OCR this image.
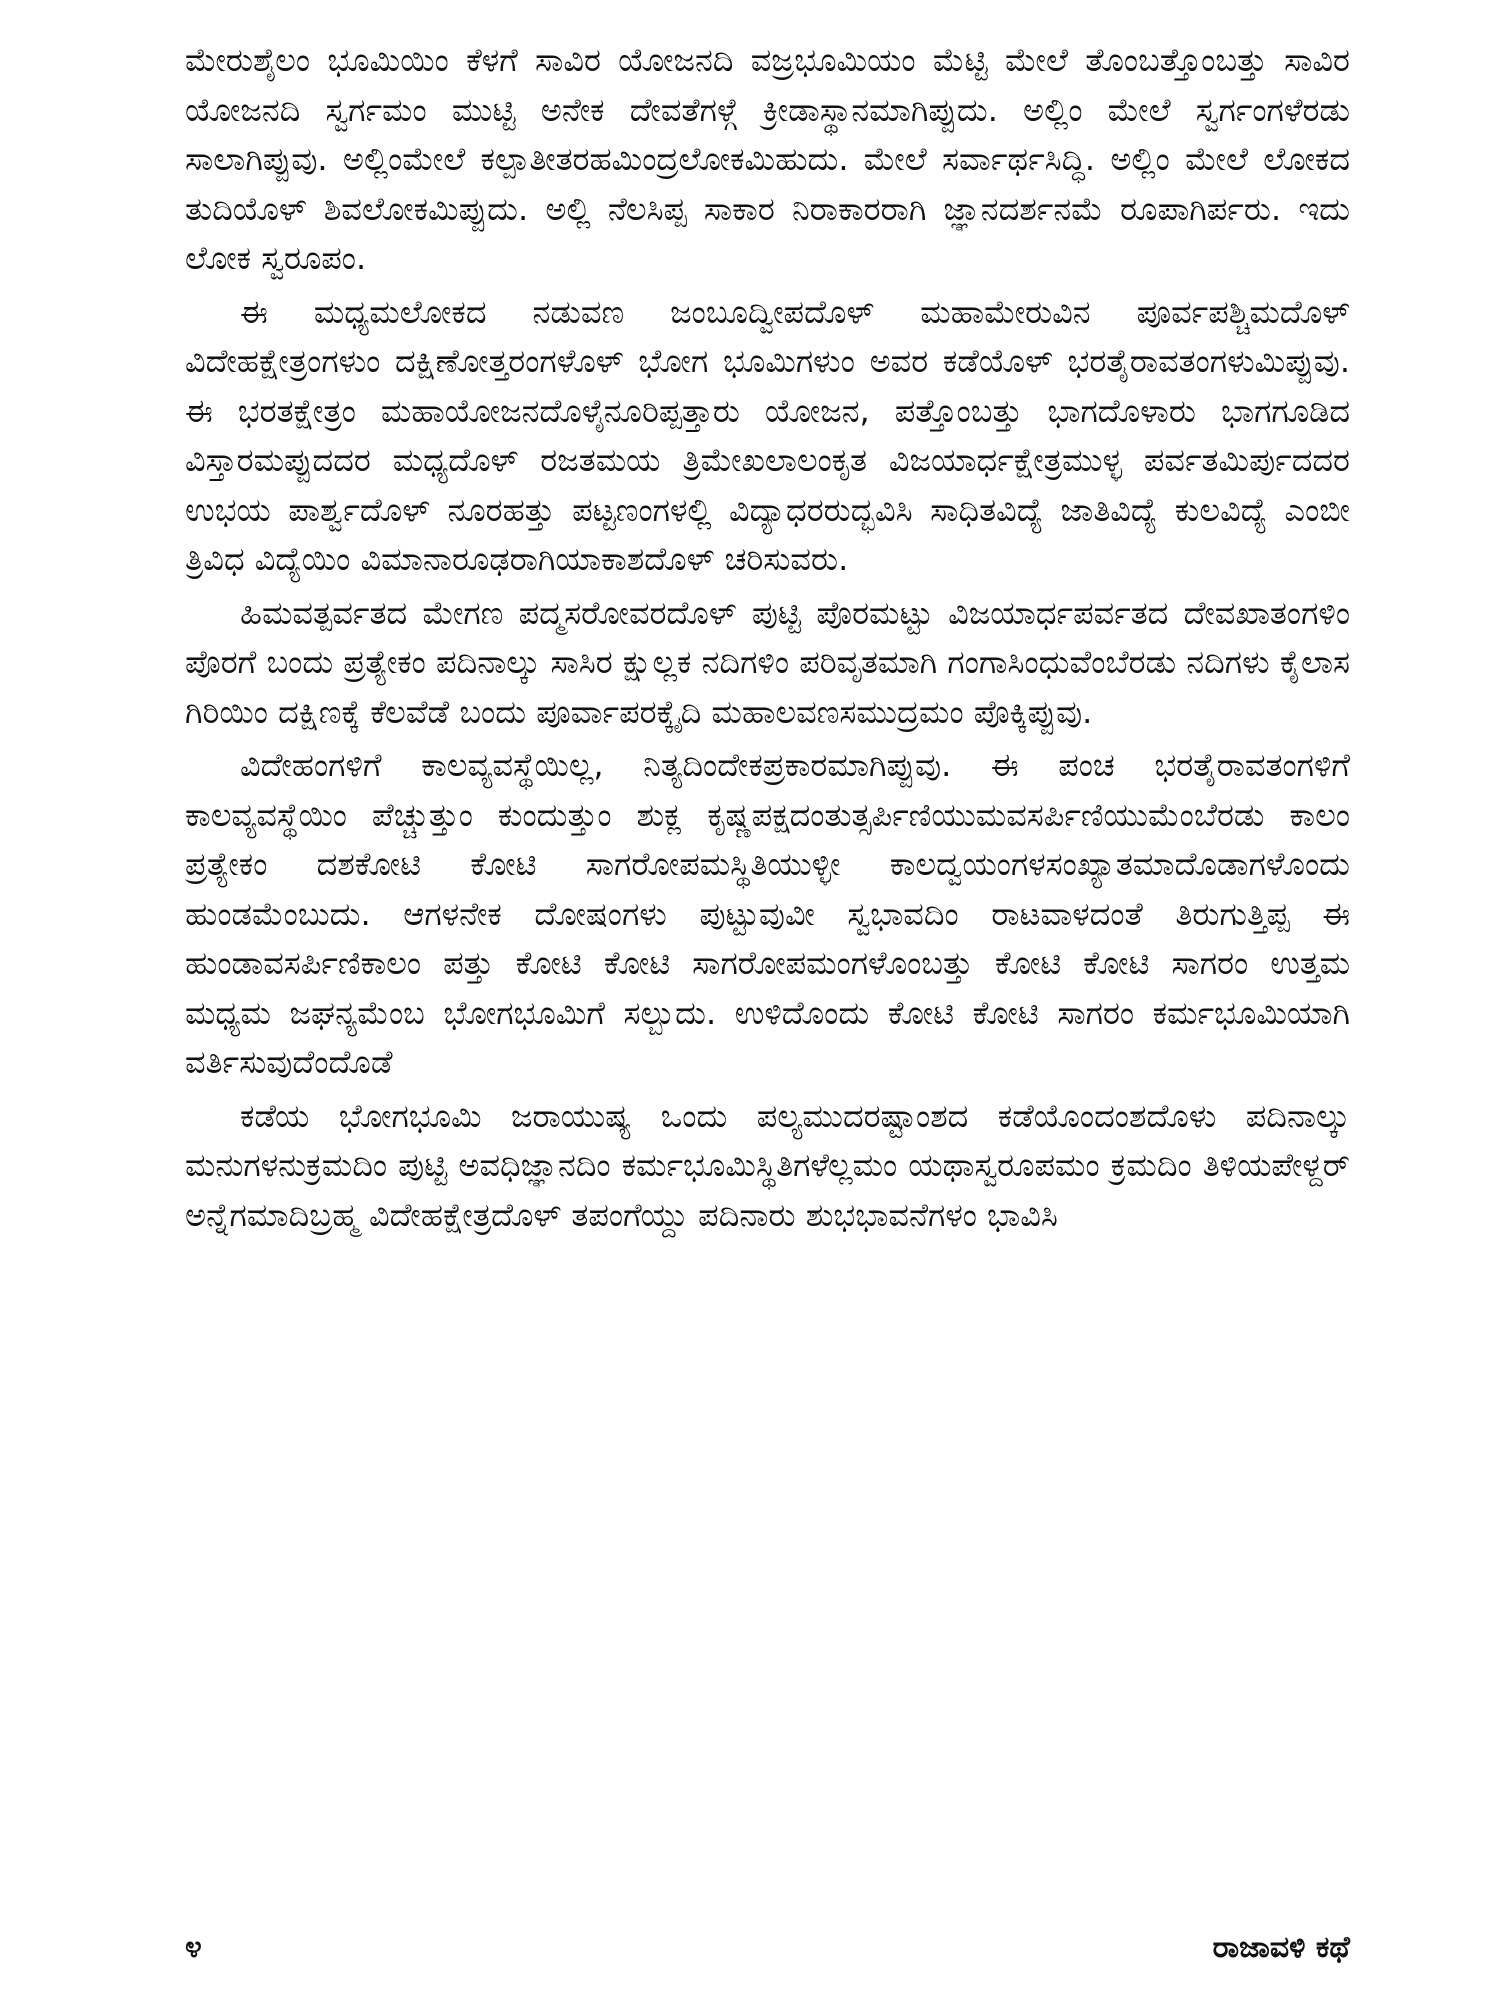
ಮೇರುಶೈಲಂ ಭೂಮಿಯಿಂ ಕೆಳಗೆ ಸಾವಿರ ಯೋಜನದಿ ವಜ್ರಭೂಮಿಯಂ ಮೆಟ್ಟಿ ಮೇಲೆ ತೊಂಬತ್ತೊಂಬತ್ತು ಸಾವಿರ ಯೋಜನದಿ ಸ್ವರ್ಗಮಂ ಮುಟ್ಟಿ ಅನೇಕ ದೇವತೆಗಳ್ಗೆ ಕ್ರೀಡಾಸ್ಥಾನಮಾಗಿಪ್ಪುದು. ಅಲ್ಲಿಂ ಮೇಲೆ ಸ್ವರ್ಗಂಗಳೆರಡು ಸಾಲಾಗಿಪ್ಪುವು. ಅಲ್ಲಿಂಮೇಲೆ ಕಲ್ಪಾತೀತರಹಮಿಂದ್ರಲೋಕಮಿಹುದು. ಮೇಲೆ ಸರ್ವಾರ್ಥಸಿದ್ಧಿ. ಅಲ್ಲಿಂ ಮೇಲೆ ಲೋಕದ ತುದಿಯೊಳ್ ಶಿವಲೋಕಮಿಪ್ಪುದು. ಅಲ್ಲಿ ನೆಲಸಿಪ್ಪ ಸಾಕಾರ ನಿರಾಕಾರರಾಗಿ ಜ್ಞಾನದರ್ಶನಮೆ ರೂಪಾಗಿರ್ಪರು. ಇದು ಲೋಕ ಸ್ವರೂಪಂ.

ಈ ಮಧ್ಯಮಲೋಕದ ನಡುವಣ ಜಂಬೂದ್ವೀಪದೊಳ್ ಮಹಾಮೇರುವಿನ ಪೂರ್ವಪಶ್ಚಿಮದೊಳ್ ವಿದೇಹಕ್ಷೇತ್ರಂಗಳುಂ ದಕ್ಷಿಣೋತ್ತರಂಗಳೊಳ್ ಭೋಗ ಭೂಮಿಗಳುಂ ಅವರ ಕಡೆಯೊಳ್ ಭರತೈರಾವತಂಗಳುಮಿಪ್ಪುವು. ಈ ಭರತಕ್ಷೇತ್ರಂ ಮಹಾಯೋಜನದೊಳೈನೂರಿಪ್ಪತ್ತಾರು ಯೋಜನ, ಪತ್ತೊಂಬತ್ತು ಭಾಗದೊಳಾರು ಭಾಗಗೂಡಿದ ವಿಸ್ತಾರಮಪ್ಪುದದರ ಮಧ್ಯದೊಳ್ ರಜತಮಯ ತ್ರಿಮೇಖಲಾಲಂಕೃತ ವಿಜಯಾರ್ಧಕ್ಷೇತ್ರಮುಳ್ಳ ಪರ್ವತಮಿರ್ಪುದದರ ಉಭಯ ಪಾರ್ಶ್ವದೊಳ್ ನೂರಹತ್ತು ಪಟ್ಟಣಂಗಳಲ್ಲಿ ವಿದ್ಯಾಧರರುದ್ಭವಿಸಿ ಸಾಧಿತವಿದ್ಯೆ ಜಾತಿವಿದ್ಯೆ ಕುಲವಿದ್ಯೆ ಎಂಬೀ ತ್ರಿವಿಧ ವಿದ್ಯೆಯಿಂ ವಿಮಾನಾರೂಢರಾಗಿಯಾಕಾಶದೊಳ್ ಚರಿಸುವರು.

ಹಿಮವತ್ಪರ್ವತದ ಮೇಗಣ ಪದ್ಮಸರೋವರದೊಳ್ ಪುಟ್ಟಿ ಪೊರಮಟ್ಟು ವಿಜಯಾರ್ಧಪರ್ವತದ ದೇವಖಾತಂಗಳಿಂ ಪೊರಗೆ ಬಂದು ಪ್ರತ್ಯೇಕಂ ಪದಿನಾಲ್ಕು ಸಾಸಿರ ಕ್ಷುಲ್ಲಕ ನದಿಗಳಿಂ ಪರಿವೃತಮಾಗಿ ಗಂಗಾಸಿಂಧುವೆಂಬೆರಡು ನದಿಗಳು ಕೈಲಾಸ ಗಿರಿಯಿಂ ದಕ್ಷಿಣಕ್ಕೆ ಕೆಲವೆಡೆ ಬಂದು ಪೂರ್ವಾಪರಕ್ಕೈದಿ ಮಹಾಲವಣಸಮುದ್ರಮಂ ಪೊಕ್ಕಿಪ್ಪುವು.

ವಿದೇಹಂಗಳಿಗೆ ಕಾಲವ್ಯವಸ್ಥೆಯಿಲ್ಲ, ನಿತ್ಯದಿಂದೇಕಪ್ರಕಾರಮಾಗಿಪ್ಪುವು. ಈ ಪಂಚ ಭರತೈರಾವತಂಗಳಿಗೆ ಕಾಲವ್ಯವಸ್ಥೆಯಿಂ ಪೆಚ್ಚುತ್ತುಂ ಕುಂದುತ್ತುಂ ಶುಕ್ಲ ಕೃಷ್ಣಪಕ್ಷದಂತುತ್ಸರ್ಪಿಣಿಯುಮವಸರ್ಪಿಣಿಯುಮೆಂಬೆರಡು ಕಾಲಂ ಪ್ರತ್ಯೇಕಂ ದಶಕೋಟಿ ಕೋಟಿ ಸಾಗರೋಪಮಸ್ಥಿತಿಯುಳ್ಳೀ ಕಾಲದ್ವಯಂಗಳಸಂಖ್ಯಾತಮಾದೊಡಾಗಳೊಂದು ಹುಂಡಮೆಂಬುದು. ಆಗಳನೇಕ ದೋಷಂಗಳು ಪುಟ್ಟುವುವೀ ಸ್ವಭಾವದಿಂ ರಾಟವಾಳದಂತೆ ತಿರುಗುತ್ತಿಪ್ಪ ಈ ಹುಂಡಾವಸರ್ಪಿಣಿಕಾಲಂ ಪತ್ತು ಕೋಟಿ ಕೋಟಿ ಸಾಗರೋಪಮಂಗಳೊಂಬತ್ತು ಕೋಟಿ ಕೋಟಿ ಸಾಗರಂ ಉತ್ತಮ ಮಧ್ಯಮ ಜಘನ್ಯಮೆಂಬ ಭೋಗಭೂಮಿಗೆ ಸಲ್ಬುದು. ಉಳಿದೊಂದು ಕೋಟಿ ಕೋಟಿ ಸಾಗರಂ ಕರ್ಮಭೂಮಿಯಾಗಿ ವರ್ತಿಸುವುದೆಂದೊಡೆ

ಕಡೆಯ ಭೋಗಭೂಮಿ ಜರಾಯುಷ್ಯ ಒಂದು ಪಲ್ಯಮುದರಷ್ಟಾಂಶದ ಕಡೆಯೊಂದಂಶದೊಳು ಪದಿನಾಲ್ಕು ಮನುಗಳನುಕ್ರಮದಿಂ ಪುಟ್ಟಿ ಅವಧಿಜ್ಞಾನದಿಂ ಕರ್ಮಭೂಮಿಸ್ಥಿತಿಗಳೆಲ್ಲಮಂ ಯಥಾಸ್ವರೂಪಮಂ ಕ್ರಮದಿಂ ತಿಳಿಯಪೇಳ್ದರ್ ಅನ್ನೆಗಮಾದಿಬ್ರಹ್ಮ ವಿದೇಹಕ್ಷೇತ್ರದೊಳ್ ತಪಂಗೆಯ್ದು ಪದಿನಾರು ಶುಭಭಾವನೆಗಳಂ ಭಾವಿಸಿ

೪	ರಾಜಾವಳಿ ಕಥೆ
